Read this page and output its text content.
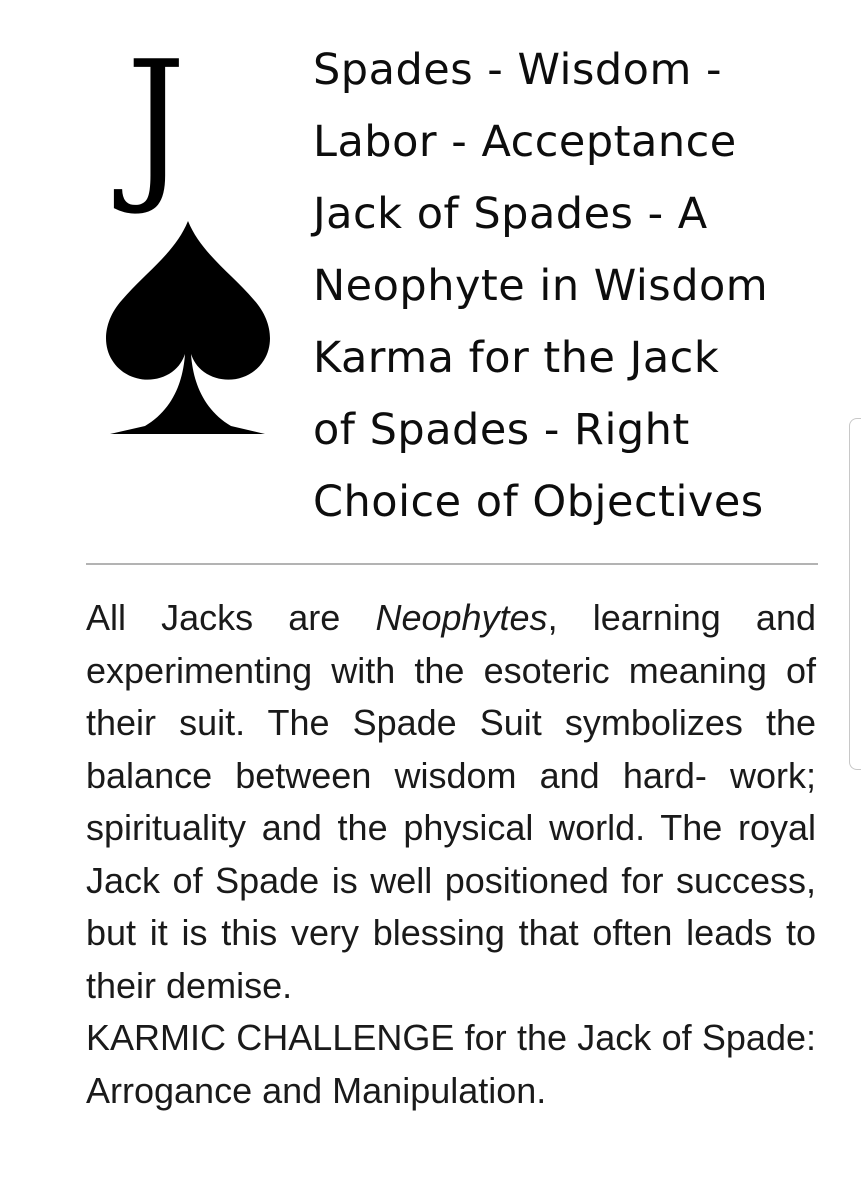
J	Spades - Wisdom -
Labor - Acceptance
Jack of Spades - A
Neophyte in Wisdom
Karma for the Jack
of Spades - Right
Choice of Objectives

All Jacks are Neophytes, learning and experimenting with the esoteric meaning of their suit. The Spade Suit symbolizes the balance between wisdom and hard- work; spirituality and the physical world. The royal Jack of Spade is well positioned for success, but it is this very blessing that often leads to their demise.

KARMIC CHALLENGE for the Jack of Spade: Arrogance and Manipulation.
